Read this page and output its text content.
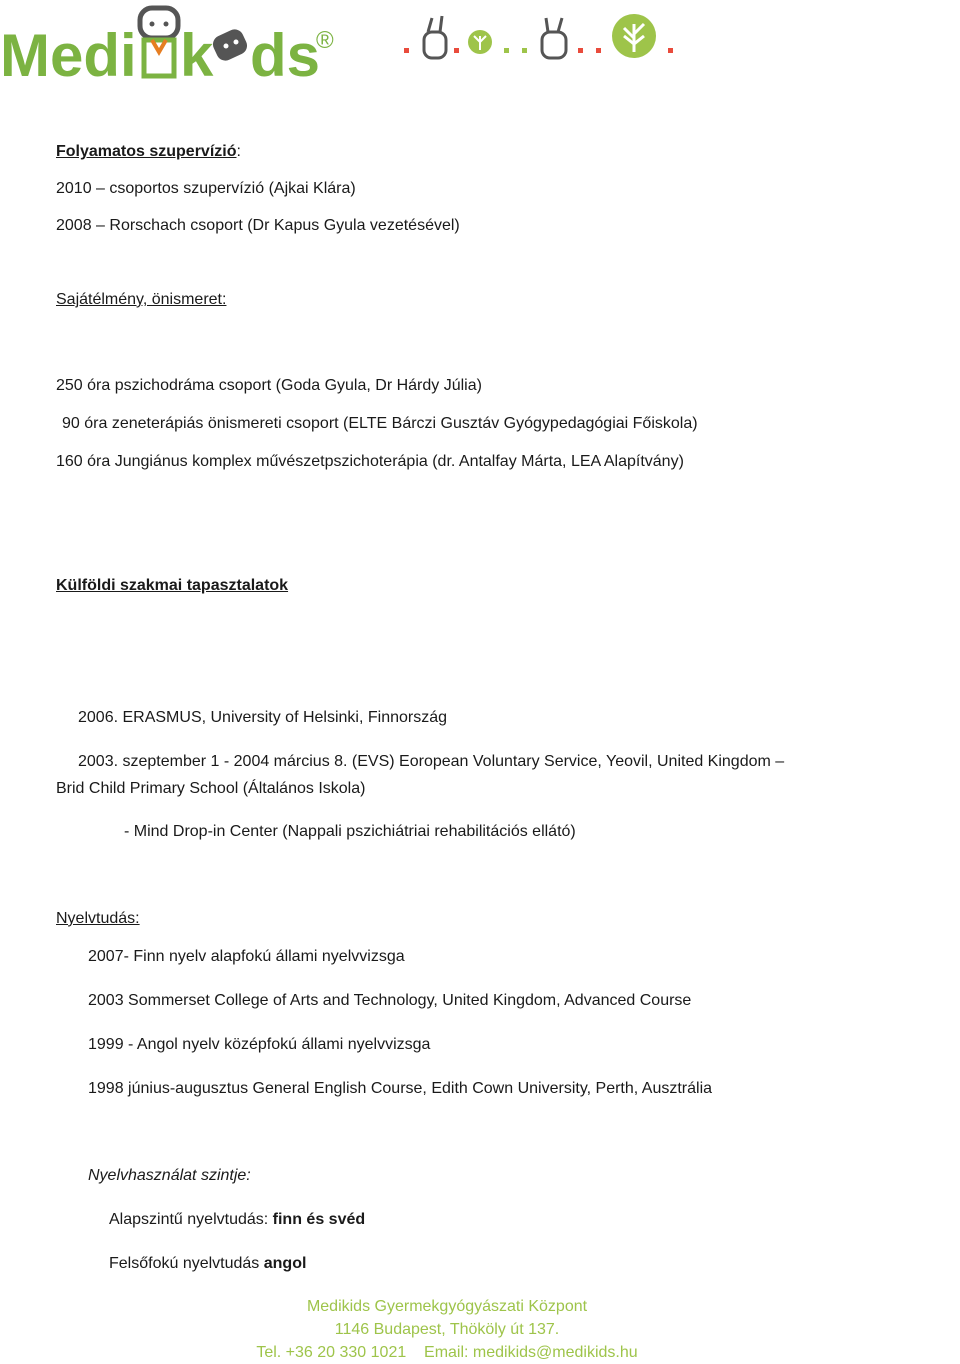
Medi k ds
®
Folyamatos szupervízió:
2010 – csoportos szupervízió (Ajkai Klára)
2008 – Rorschach csoport (Dr Kapus Gyula vezetésével)
Sajátélmény, önismeret:
250 óra pszichodráma csoport (Goda Gyula, Dr Hárdy Júlia)
90 óra zeneterápiás önismereti csoport (ELTE Bárczi Gusztáv Gyógypedagógiai Főiskola)
160 óra Jungiánus komplex művészetpszichoterápia (dr. Antalfay Márta, LEA Alapítvány)
Külföldi szakmai tapasztalatok
2006. ERASMUS, University of Helsinki, Finnország
2003. szeptember 1 - 2004 március 8. (EVS) Eoropean Voluntary Service, Yeovil, United Kingdom –
Brid Child Primary School (Általános Iskola)
- Mind Drop-in Center (Nappali pszichiátriai rehabilitációs ellátó)
Nyelvtudás:
2007- Finn nyelv alapfokú állami nyelvvizsga
2003 Sommerset College of Arts and Technology, United Kingdom, Advanced Course
1999 - Angol nyelv középfokú állami nyelvvizsga
1998 június-augusztus General English Course, Edith Cown University, Perth, Ausztrália
Nyelvhasználat szintje:
Alapszintű nyelvtudás: finn és svéd
Felsőfokú nyelvtudás angol
Medikids Gyermekgyógyászati Központ
1146 Budapest, Thököly út 137.
Tel. +36 20 330 1021    Email: medikids@medikids.hu
